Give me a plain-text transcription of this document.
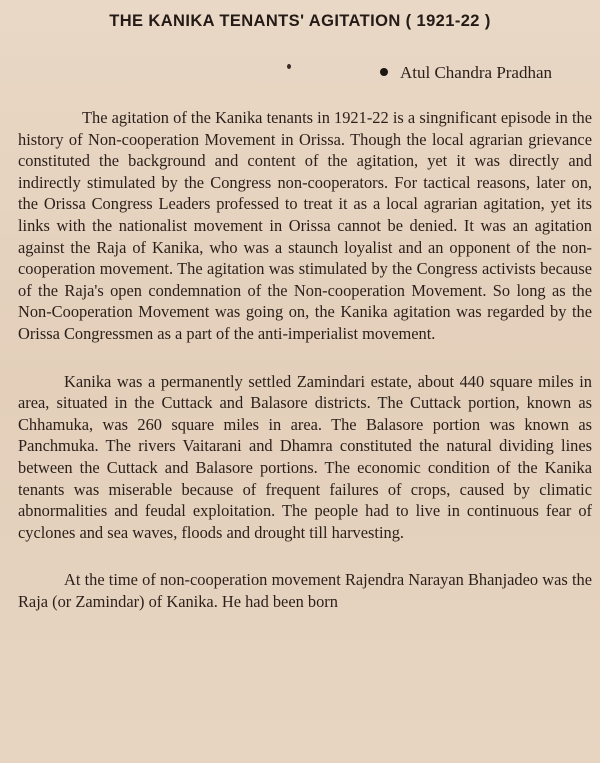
THE KANIKA TENANTS' AGITATION ( 1921-22 )
Atul Chandra Pradhan

The agitation of the Kanika tenants in 1921-22 is a singnificant episode in the history of Non-cooperation Movement in Orissa. Though the local agrarian grievance constituted the background and content of the agitation, yet it was directly and indirectly stimulated by the Congress non-cooperators. For tactical reasons, later on, the Orissa Congress Leaders professed to treat it as a local agrarian agitation, yet its links with the nationalist movement in Orissa cannot be denied. It was an agitation against the Raja of Kanika, who was a staunch loyalist and an opponent of the non-cooperation movement. The agitation was stimulated by the Congress activists because of the Raja's open condemnation of the Non-cooperation Movement. So long as the Non-Cooperation Movement was going on, the Kanika agitation was regarded by the Orissa Congressmen as a part of the anti-imperialist movement.

Kanika was a permanently settled Zamindari estate, about 440 square miles in area, situated in the Cuttack and Balasore districts. The Cuttack portion, known as Chhamuka, was 260 square miles in area. The Balasore portion was known as Panchmuka. The rivers Vaitarani and Dhamra constituted the natural dividing lines between the Cuttack and Balasore portions. The economic condition of the Kanika tenants was miserable because of frequent failures of crops, caused by climatic abnormalities and feudal exploitation. The people had to live in continuous fear of cyclones and sea waves, floods and drought till harvesting.

At the time of non-cooperation movement Rajendra Narayan Bhanjadeo was the Raja (or Zamindar) of Kanika. He had been born
